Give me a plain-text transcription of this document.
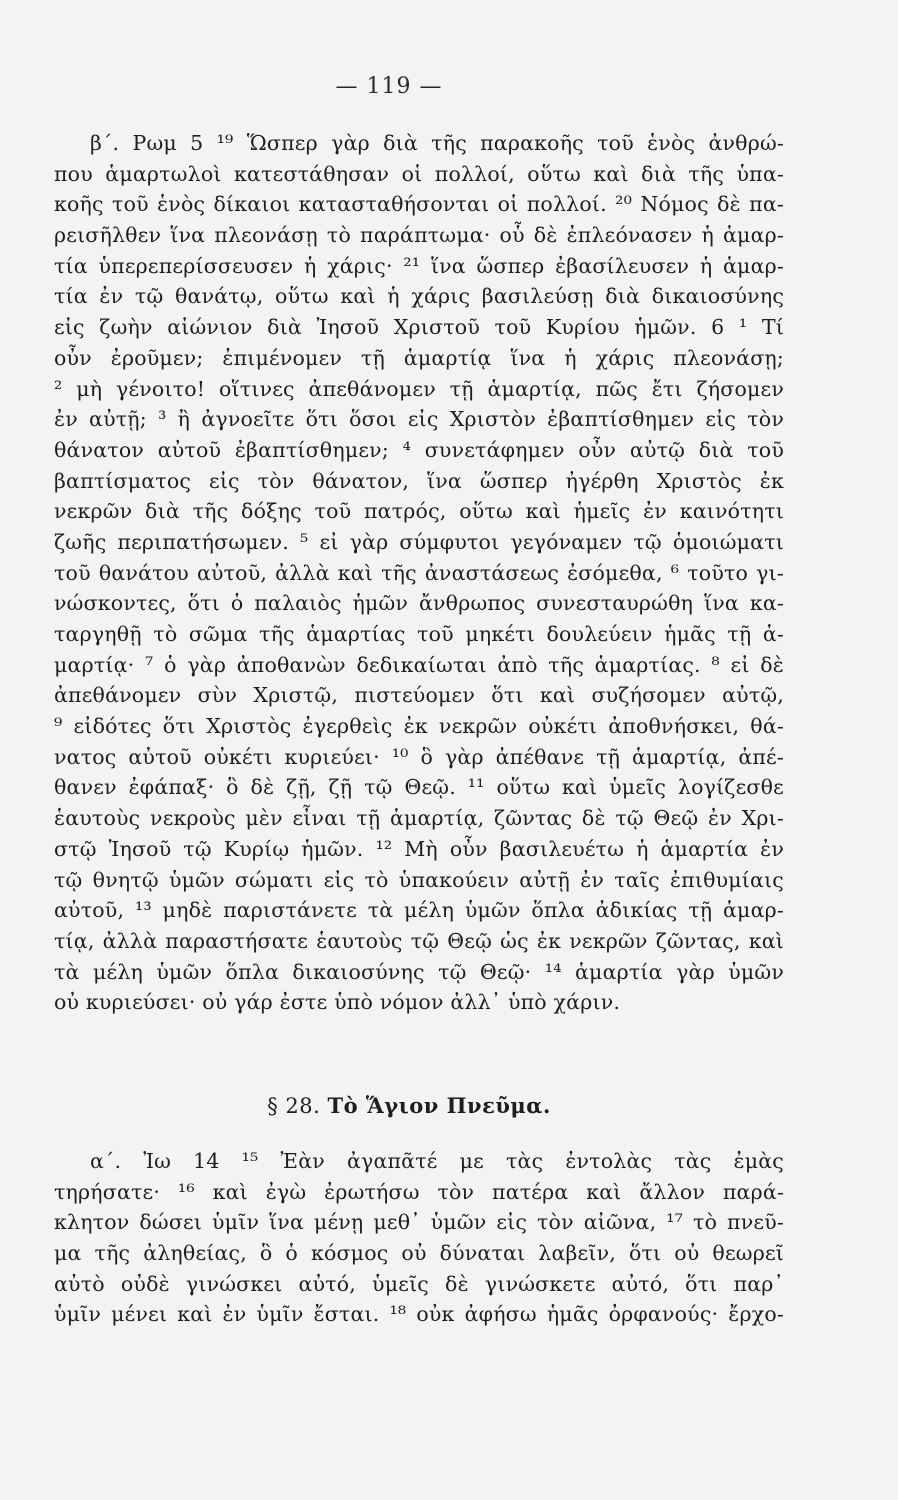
— 119 —
β΄. Ρωμ 5 ¹⁹ Ὥσπερ γὰρ διὰ τῆς παρακοῆς τοῦ ἑνὸς ἀνθρώ-
που ἁμαρτωλοὶ κατεστάθησαν οἱ πολλοί, οὕτω καὶ διὰ τῆς ὑπα-
κοῆς τοῦ ἑνὸς δίκαιοι κατασταθήσονται οἱ πολλοί. ²⁰ Νόμος δὲ πα-
ρεισῆλθεν ἵνα πλεονάσῃ τὸ παράπτωμα· οὗ δὲ ἐπλεόνασεν ἡ ἁμαρ-
τία ὑπερεπερίσσευσεν ἡ χάρις· ²¹ ἵνα ὥσπερ ἐβασίλευσεν ἡ ἁμαρ-
τία ἐν τῷ θανάτῳ, οὕτω καὶ ἡ χάρις βασιλεύσῃ διὰ δικαιοσύνης
εἰς ζωὴν αἰώνιον διὰ Ἰησοῦ Χριστοῦ τοῦ Κυρίου ἡμῶν. 6 ¹ Τί
οὖν ἐροῦμεν; ἐπιμένομεν τῇ ἁμαρτίᾳ ἵνα ἡ χάρις πλεονάσῃ;
² μὴ γένοιτο! οἵτινες ἀπεθάνομεν τῇ ἁμαρτίᾳ, πῶς ἔτι ζήσομεν
ἐν αὐτῇ; ³ ἢ ἀγνοεῖτε ὅτι ὅσοι εἰς Χριστὸν ἐβαπτίσθημεν εἰς τὸν
θάνατον αὐτοῦ ἐβαπτίσθημεν; ⁴ συνετάφημεν οὖν αὐτῷ διὰ τοῦ
βαπτίσματος εἰς τὸν θάνατον, ἵνα ὥσπερ ἠγέρθη Χριστὸς ἐκ
νεκρῶν διὰ τῆς δόξης τοῦ πατρός, οὕτω καὶ ἡμεῖς ἐν καινότητι
ζωῆς περιπατήσωμεν. ⁵ εἰ γὰρ σύμφυτοι γεγόναμεν τῷ ὁμοιώματι
τοῦ θανάτου αὐτοῦ, ἀλλὰ καὶ τῆς ἀναστάσεως ἐσόμεθα, ⁶ τοῦτο γι-
νώσκοντες, ὅτι ὁ παλαιὸς ἡμῶν ἄνθρωπος συνεσταυρώθη ἵνα κα-
ταργηθῇ τὸ σῶμα τῆς ἁμαρτίας τοῦ μηκέτι δουλεύειν ἡμᾶς τῇ ἁ-
μαρτίᾳ· ⁷ ὁ γὰρ ἀποθανὼν δεδικαίωται ἀπὸ τῆς ἁμαρτίας. ⁸ εἰ δὲ
ἀπεθάνομεν σὺν Χριστῷ, πιστεύομεν ὅτι καὶ συζήσομεν αὐτῷ,
⁹ εἰδότες ὅτι Χριστὸς ἐγερθεὶς ἐκ νεκρῶν οὐκέτι ἀποθνήσκει, θά-
νατος αὐτοῦ οὐκέτι κυριεύει· ¹⁰ ὃ γὰρ ἀπέθανε τῇ ἁμαρτίᾳ, ἀπέ-
θανεν ἐφάπαξ· ὃ δὲ ζῇ, ζῇ τῷ Θεῷ. ¹¹ οὕτω καὶ ὑμεῖς λογίζεσθε
ἑαυτοὺς νεκροὺς μὲν εἶναι τῇ ἁμαρτίᾳ, ζῶντας δὲ τῷ Θεῷ ἐν Χρι-
στῷ Ἰησοῦ τῷ Κυρίῳ ἡμῶν. ¹² Μὴ οὖν βασιλευέτω ἡ ἁμαρτία ἐν
τῷ θνητῷ ὑμῶν σώματι εἰς τὸ ὑπακούειν αὐτῇ ἐν ταῖς ἐπιθυμίαις
αὐτοῦ, ¹³ μηδὲ παριστάνετε τὰ μέλη ὑμῶν ὅπλα ἀδικίας τῇ ἁμαρ-
τίᾳ, ἀλλὰ παραστήσατε ἑαυτοὺς τῷ Θεῷ ὡς ἐκ νεκρῶν ζῶντας, καὶ
τὰ μέλη ὑμῶν ὅπλα δικαιοσύνης τῷ Θεῷ· ¹⁴ ἁμαρτία γὰρ ὑμῶν
οὐ κυριεύσει· οὐ γάρ ἐστε ὑπὸ νόμον ἀλλ᾿ ὑπὸ χάριν.
§ 28. Τὸ Ἅγιον Πνεῦμα.
α΄. Ἰω 14 ¹⁵ Ἐὰν ἀγαπᾶτέ με τὰς ἐντολὰς τὰς ἐμὰς
τηρήσατε· ¹⁶ καὶ ἐγὼ ἐρωτήσω τὸν πατέρα καὶ ἄλλον παρά-
κλητον δώσει ὑμῖν ἵνα μένῃ μεθ᾿ ὑμῶν εἰς τὸν αἰῶνα, ¹⁷ τὸ πνεῦ-
μα τῆς ἀληθείας, ὃ ὁ κόσμος οὐ δύναται λαβεῖν, ὅτι οὐ θεωρεῖ
αὐτὸ οὐδὲ γινώσκει αὐτό, ὑμεῖς δὲ γινώσκετε αὐτό, ὅτι παρ᾿
ὑμῖν μένει καὶ ἐν ὑμῖν ἔσται. ¹⁸ οὐκ ἀφήσω ἡμᾶς ὀρφανούς· ἔρχο-
